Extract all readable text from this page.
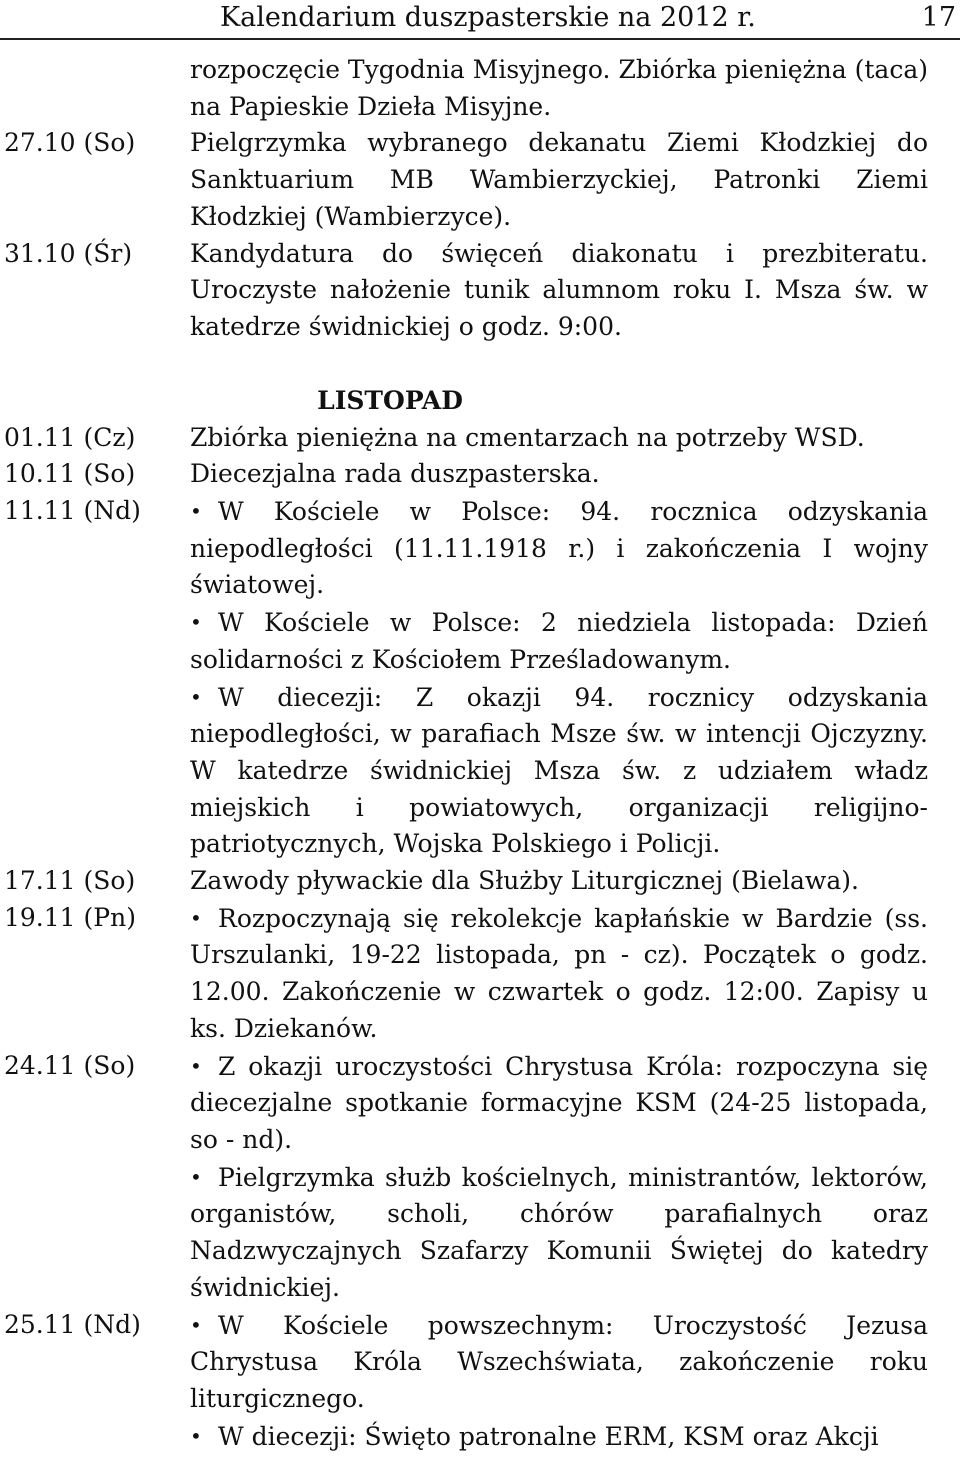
Kalendarium duszpasterskie na 2012 r.	17
rozpoczęcie Tygodnia Misyjnego. Zbiórka pieniężna (taca) na Papieskie Dzieła Misyjne.
27.10 (So)	Pielgrzymka wybranego dekanatu Ziemi Kłodzkiej do Sanktuarium MB Wambierzyckiej, Patronki Ziemi Kłodzkiej (Wambierzyce).
31.10 (Śr)	Kandydatura do święceń diakonatu i prezbiteratu. Uroczyste nałożenie tunik alumnom roku I. Msza św. w katedrze świdnickiej o godz. 9:00.
LISTOPAD
01.11 (Cz)	Zbiórka pieniężna na cmentarzach na potrzeby WSD.
10.11 (So)	Diecezjalna rada duszpasterska.
11.11 (Nd)	• W Kościele w Polsce: 94. rocznica odzyskania niepodległości (11.11.1918 r.) i zakończenia I wojny światowej.

• W Kościele w Polsce: 2 niedziela listopada: Dzień solidarności z Kościołem Prześladowanym.

• W diecezji: Z okazji 94. rocznicy odzyskania niepodległości, w parafiach Msze św. w intencji Ojczyzny. W katedrze świdnickiej Msza św. z udziałem władz miejskich i powiatowych, organizacji religijno-patriotycznych, Wojska Polskiego i Policji.

17.11 (So)	Zawody pływackie dla Służby Liturgicznej (Bielawa).
19.11 (Pn)	• Rozpoczynają się rekolekcje kapłańskie w Bardzie (ss. Urszulanki, 19-22 listopada, pn - cz). Początek o godz. 12.00. Zakończenie w czwartek o godz. 12:00. Zapisy u ks. Dziekanów.

24.11 (So)	• Z okazji uroczystości Chrystusa Króla: rozpoczyna się diecezjalne spotkanie formacyjne KSM (24-25 listopada, so - nd).

• Pielgrzymka służb kościelnych, ministrantów, lektorów, organistów, scholi, chórów parafialnych oraz Nadzwyczajnych Szafarzy Komunii Świętej do katedry świdnickiej.

25.11 (Nd)	• W Kościele powszechnym: Uroczystość Jezusa Chrystusa Króla Wszechświata, zakończenie roku liturgicznego.

• W diecezji: Święto patronalne ERM, KSM oraz Akcji
